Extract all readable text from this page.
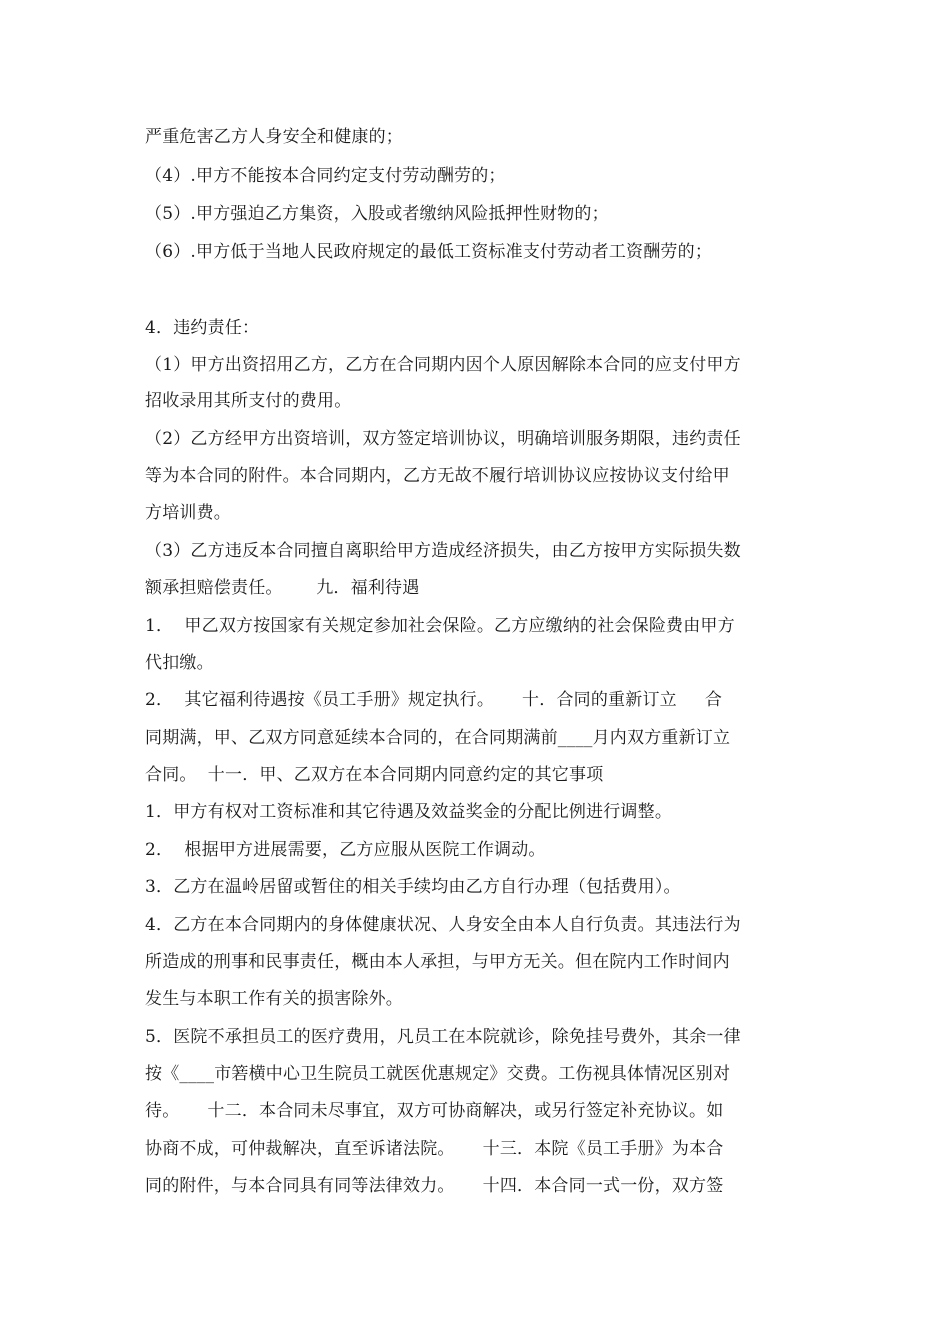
严重危害乙方人身安全和健康的；
（4）.甲方不能按本合同约定支付劳动酬劳的；
（5）.甲方强迫乙方集资，入股或者缴纳风险抵押性财物的；
（6）.甲方低于当地人民政府规定的最低工资标准支付劳动者工资酬劳的；
4．违约责任：
（1）甲方出资招用乙方，乙方在合同期内因个人原因解除本合同的应支付甲方
招收录用其所支付的费用。
（2）乙方经甲方出资培训，双方签定培训协议，明确培训服务期限，违约责任
等为本合同的附件。本合同期内，乙方无故不履行培训协议应按协议支付给甲
方培训费。
（3）乙方违反本合同擅自离职给甲方造成经济损失，由乙方按甲方实际损失数
额承担赔偿责任。      九．福利待遇
1．  甲乙双方按国家有关规定参加社会保险。乙方应缴纳的社会保险费由甲方
代扣缴。
2．  其它福利待遇按《员工手册》规定执行。     十．合同的重新订立     合
同期满，甲、乙双方同意延续本合同的，在合同期满前____月内双方重新订立
合同。  十一．甲、乙双方在本合同期内同意约定的其它事项
1．甲方有权对工资标准和其它待遇及效益奖金的分配比例进行调整。
2．  根据甲方进展需要，乙方应服从医院工作调动。
3．乙方在温岭居留或暂住的相关手续均由乙方自行办理（包括费用）。
4．乙方在本合同期内的身体健康状况、人身安全由本人自行负责。其违法行为
所造成的刑事和民事责任，概由本人承担，与甲方无关。但在院内工作时间内
发生与本职工作有关的损害除外。
5．医院不承担员工的医疗费用，凡员工在本院就诊，除免挂号费外，其余一律
按《____市箬横中心卫生院员工就医优惠规定》交费。工伤视具体情况区别对
待。     十二．本合同未尽事宜，双方可协商解决，或另行签定补充协议。如
协商不成，可仲裁解决，直至诉诸法院。     十三．本院《员工手册》为本合
同的附件，与本合同具有同等法律效力。     十四．本合同一式一份，双方签
